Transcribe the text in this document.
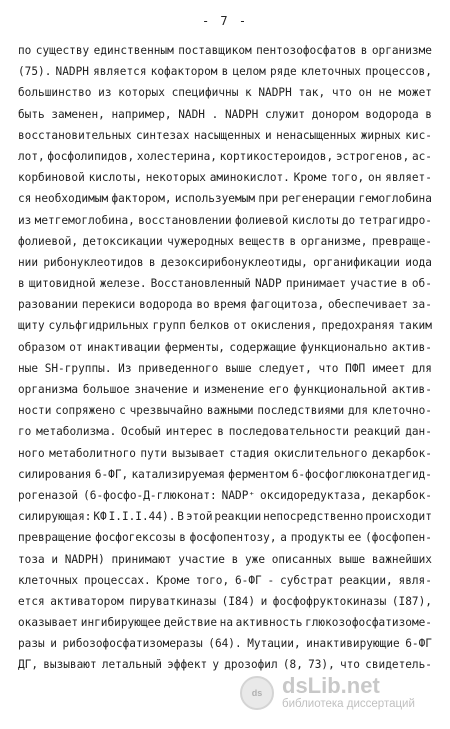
- 7 -
по существу единственным поставщиком пентозофосфатов в организме
(75). NADPH является кофактором в целом ряде клеточных процессов,
большинство из которых специфичны к NADPH так, что он не может
быть заменен, например, NADH . NADPH служит донором водорода в
восстановительных синтезах насыщенных и ненасыщенных жирных кис-
лот, фосфолипидов, холестерина, кортикостероидов, эстрогенов, ас-
корбиновой кислоты, некоторых аминокислот. Кроме того, он являет-
ся необходимым фактором, используемым при регенерации гемоглобина
из метгемоглобина, восстановлении фолиевой кислоты до тетрагидро-
фолиевой, детоксикации чужеродных веществ в организме, превраще-
нии рибонуклеотидов в дезоксирибонуклеотиды, органификации иода
в щитовидной железе. Восстановленный NADP принимает участие в об-
разовании перекиси водорода во время фагоцитоза, обеспечивает за-
щиту сульфгидрильных групп белков от окисления, предохраняя таким
образом от инактивации ферменты, содержащие функционально актив-
ные SH-группы. Из приведенного выше следует, что ПФП имеет для
организма большое значение и изменение его функциональной актив-
ности сопряжено с чрезвычайно важными последствиями для клеточно-
го метаболизма. Особый интерес в последовательности реакций дан-
ного метаболитного пути вызывает стадия окислительного декарбок-
силирования 6-ФГ, катализируемая ферментом 6-фосфоглюконатдегид-
рогеназой (6-фосфо-Д-глюконат: NADP⁺ оксидоредуктаза, декарбок-
силирующая: КФ I.I.I.44). В этой реакции непосредственно происходит
превращение фосфогексозы в фосфопентозу, а продукты ее (фосфопен-
тоза и NADPH) принимают участие в уже описанных выше важнейших
клеточных процессах. Кроме того, 6-ФГ - субстрат реакции, явля-
ется активатором пируваткиназы (I84) и фосфофруктокиназы (I87),
оказывает ингибирующее действие на активность глюкозофосфатизоме-
разы и рибозофосфатизомеразы (64). Мутации, инактивирующие 6-ФГ
ДГ, вызывают летальный эффект у дрозофил (8, 73), что свидетель-
ds dsLib.net
библиотека диссертаций
